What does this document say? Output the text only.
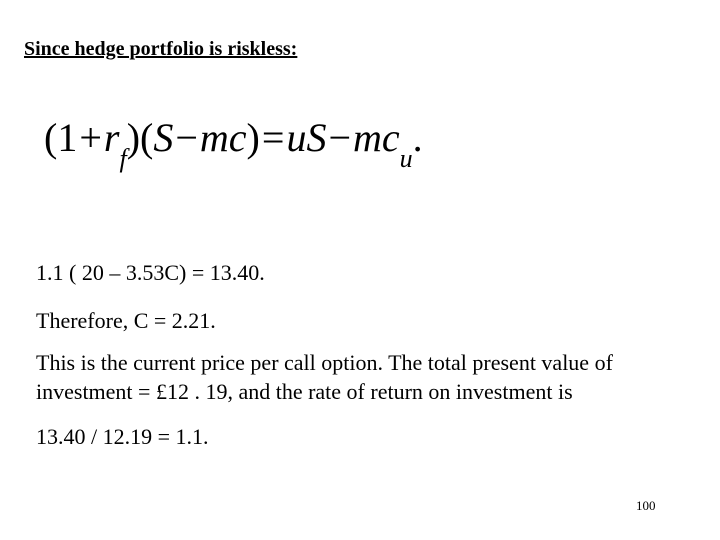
Since hedge portfolio is riskless:
$(1+r_f)(S-mc)=uS-mc_u$.
1.1 ( 20 – 3.53C) = 13.40.
Therefore, C = 2.21.
This is the current price per call option. The total present value of investment = £12 . 19, and the rate of return on investment is
13.40 / 12.19 = 1.1.
100
